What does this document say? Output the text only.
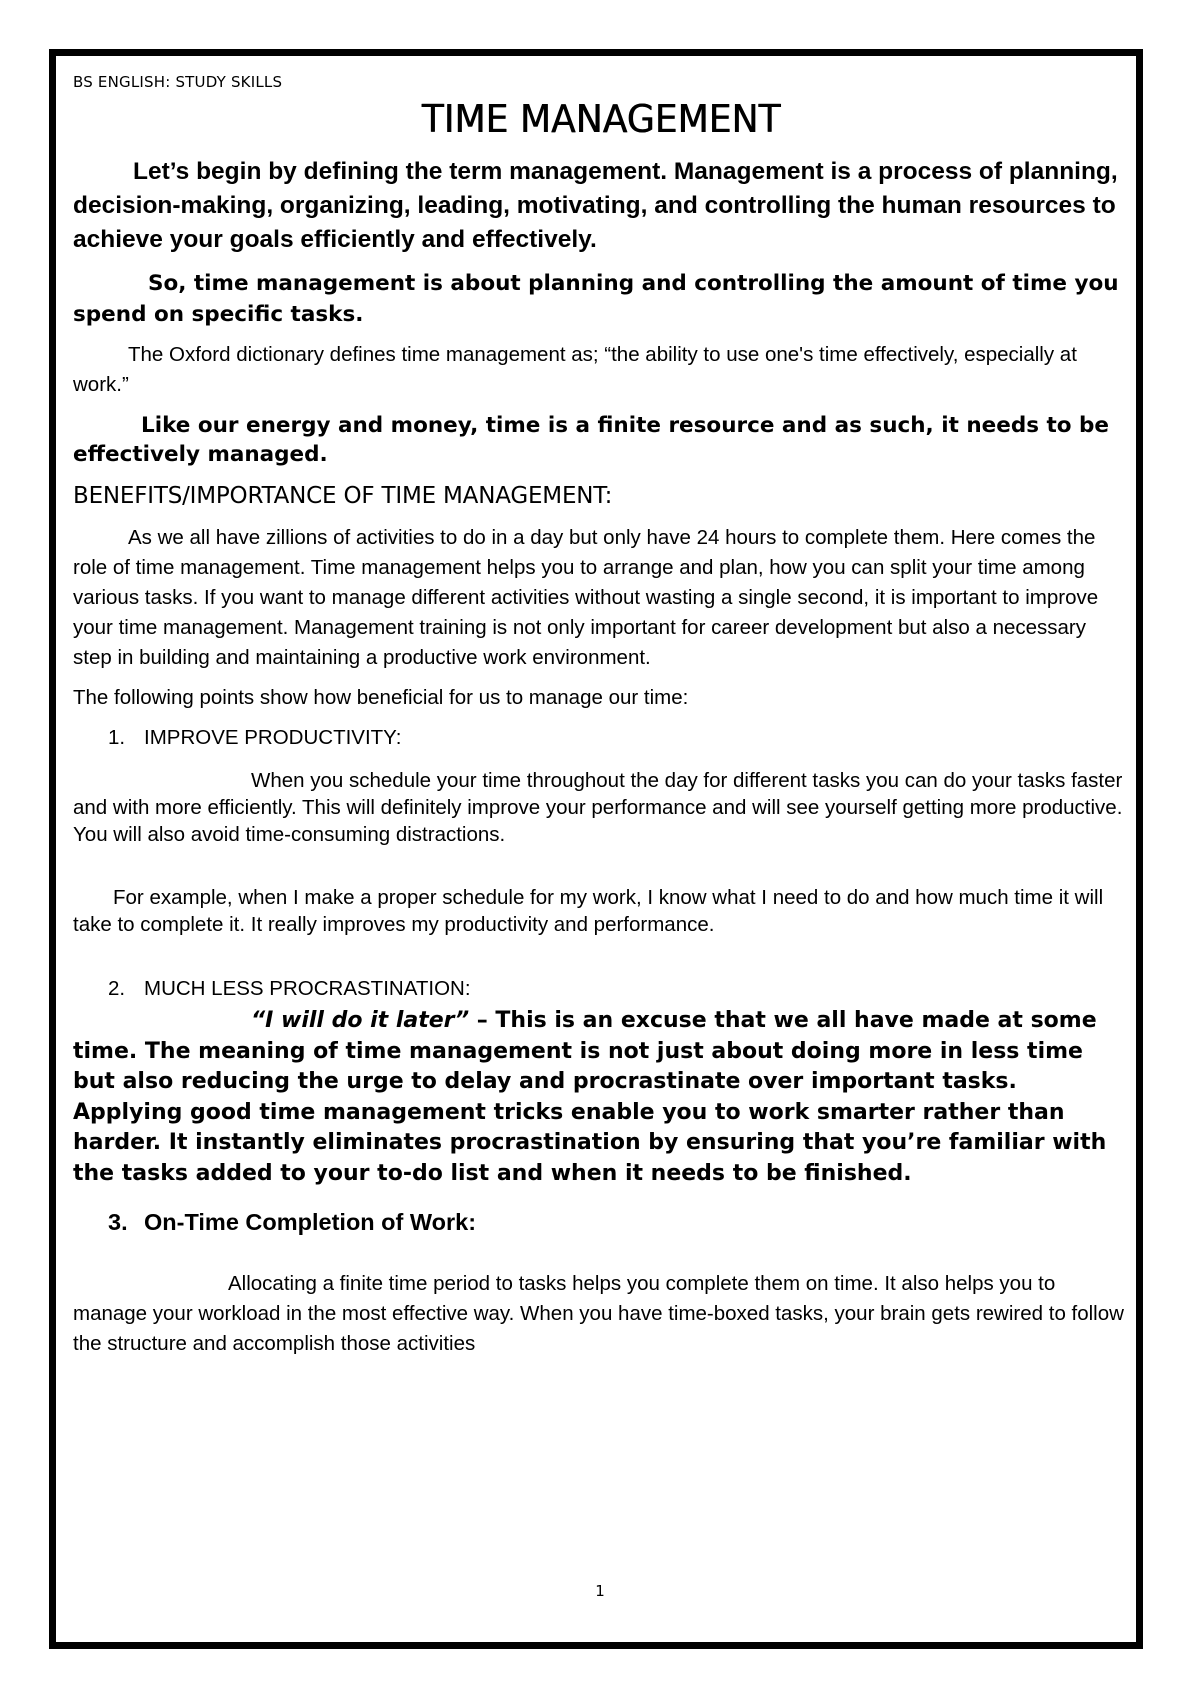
BS ENGLISH: STUDY SKILLS

TIME MANAGEMENT

Let’s begin by defining the term management. Management is a process of planning, decision-making, organizing, leading, motivating, and controlling the human resources to achieve your goals efficiently and effectively.

So, time management is about planning and controlling the amount of time you spend on specific tasks.

The Oxford dictionary defines time management as; “the ability to use one's time effectively, especially at work.”

Like our energy and money, time is a finite resource and as such, it needs to be effectively managed.

BENEFITS/IMPORTANCE OF TIME MANAGEMENT:

As we all have zillions of activities to do in a day but only have 24 hours to complete them. Here comes the role of time management. Time management helps you to arrange and plan, how you can split your time among various tasks. If you want to manage different activities without wasting a single second, it is important to improve your time management. Management training is not only important for career development but also a necessary step in building and maintaining a productive work environment.

The following points show how beneficial for us to manage our time:

1. IMPROVE PRODUCTIVITY:

When you schedule your time throughout the day for different tasks you can do your tasks faster and with more efficiently. This will definitely improve your performance and will see yourself getting more productive. You will also avoid time-consuming distractions.

For example, when I make a proper schedule for my work, I know what I need to do and how much time it will take to complete it. It really improves my productivity and performance.

2. MUCH LESS PROCRASTINATION:

“I will do it later” – This is an excuse that we all have made at some time. The meaning of time management is not just about doing more in less time but also reducing the urge to delay and procrastinate over important tasks. Applying good time management tricks enable you to work smarter rather than harder. It instantly eliminates procrastination by ensuring that you’re familiar with the tasks added to your to-do list and when it needs to be finished.

3. On-Time Completion of Work:

Allocating a finite time period to tasks helps you complete them on time. It also helps you to manage your workload in the most effective way. When you have time-boxed tasks, your brain gets rewired to follow the structure and accomplish those activities

1
